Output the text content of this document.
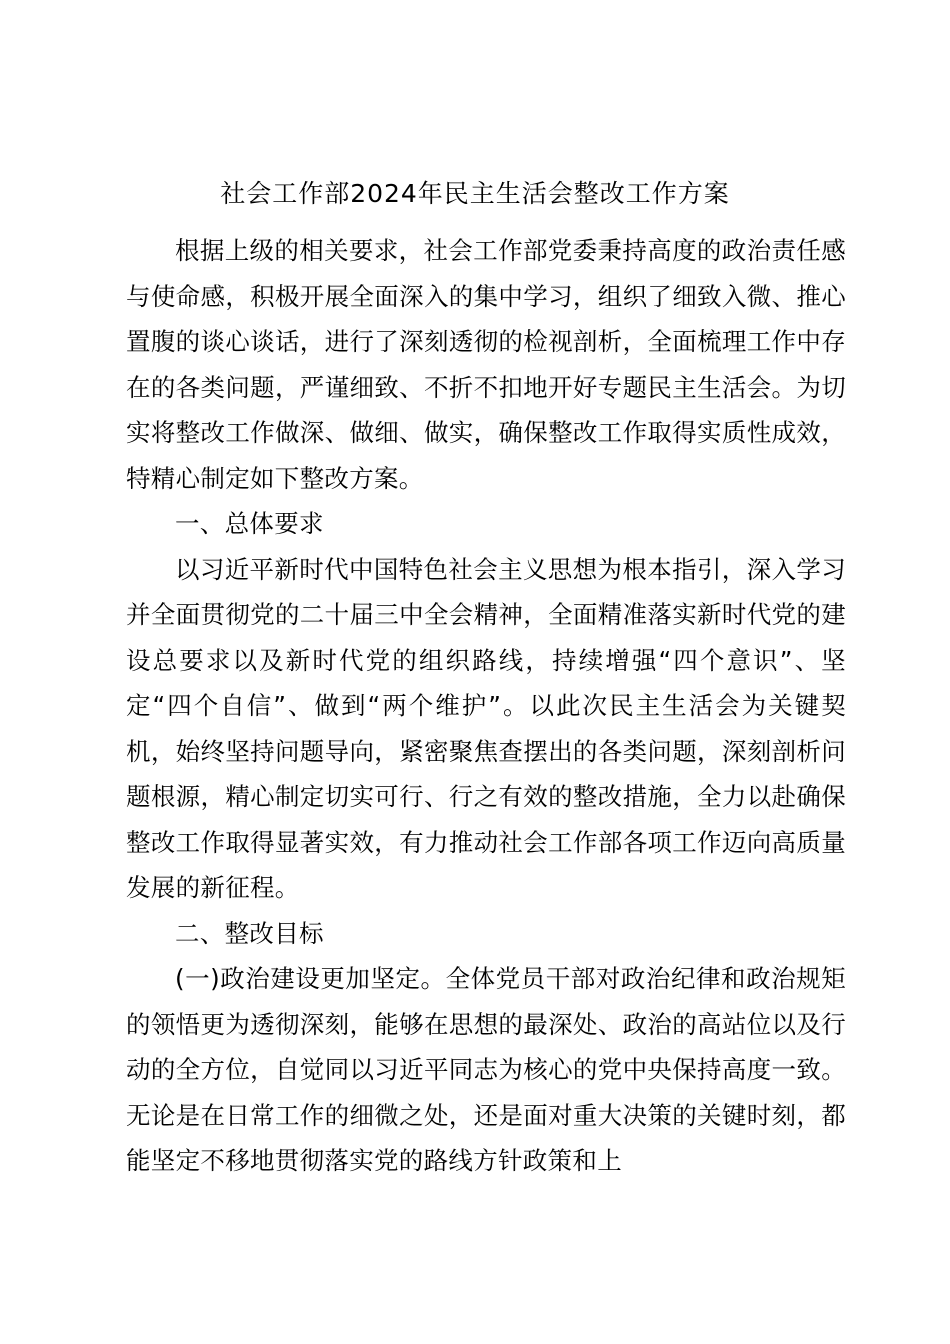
社会工作部2024年民主生活会整改工作方案

根据上级的相关要求，社会工作部党委秉持高度的政治责任感与使命感，积极开展全面深入的集中学习，组织了细致入微、推心置腹的谈心谈话，进行了深刻透彻的检视剖析，全面梳理工作中存在的各类问题，严谨细致、不折不扣地开好专题民主生活会。为切实将整改工作做深、做细、做实，确保整改工作取得实质性成效，特精心制定如下整改方案。

一、总体要求

以习近平新时代中国特色社会主义思想为根本指引，深入学习并全面贯彻党的二十届三中全会精神，全面精准落实新时代党的建设总要求以及新时代党的组织路线，持续增强“四个意识”、坚定“四个自信”、做到“两个维护”。以此次民主生活会为关键契机，始终坚持问题导向，紧密聚焦查摆出的各类问题，深刻剖析问题根源，精心制定切实可行、行之有效的整改措施，全力以赴确保整改工作取得显著实效，有力推动社会工作部各项工作迈向高质量发展的新征程。

二、整改目标

(一)政治建设更加坚定。全体党员干部对政治纪律和政治规矩的领悟更为透彻深刻，能够在思想的最深处、政治的高站位以及行动的全方位，自觉同以习近平同志为核心的党中央保持高度一致。无论是在日常工作的细微之处，还是面对重大决策的关键时刻，都能坚定不移地贯彻落实党的路线方针政策和上
